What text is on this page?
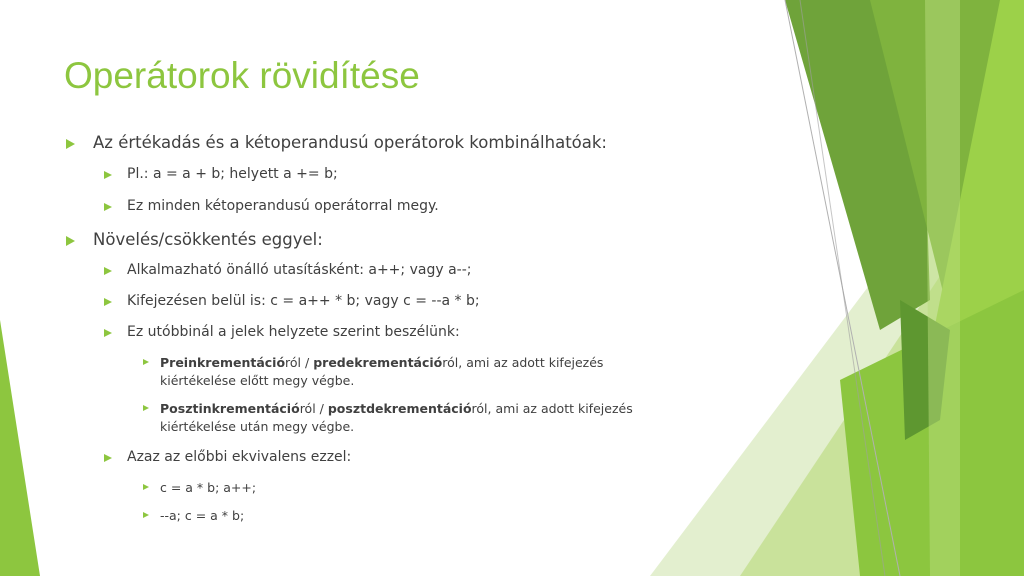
Operátorok rövidítése
Az értékadás és a kétoperandusú operátorok kombinálhatóak:
Pl.: a = a + b; helyett a += b;
Ez minden kétoperandusú operátorral megy.
Növelés/csökkentés eggyel:
Alkalmazható önálló utasításként: a++; vagy a--;
Kifejezésen belül is: c = a++ * b; vagy c = --a * b;
Ez utóbbinál a jelek helyzete szerint beszélünk:
Preinkrementációról / predekrementációról, ami az adott kifejezés kiértékelése előtt megy végbe.
Posztinkrementációról / posztdekrementációról, ami az adott kifejezés kiértékelése után megy végbe.
Azaz az előbbi ekvivalens ezzel:
c = a * b; a++;
--a; c = a * b;
